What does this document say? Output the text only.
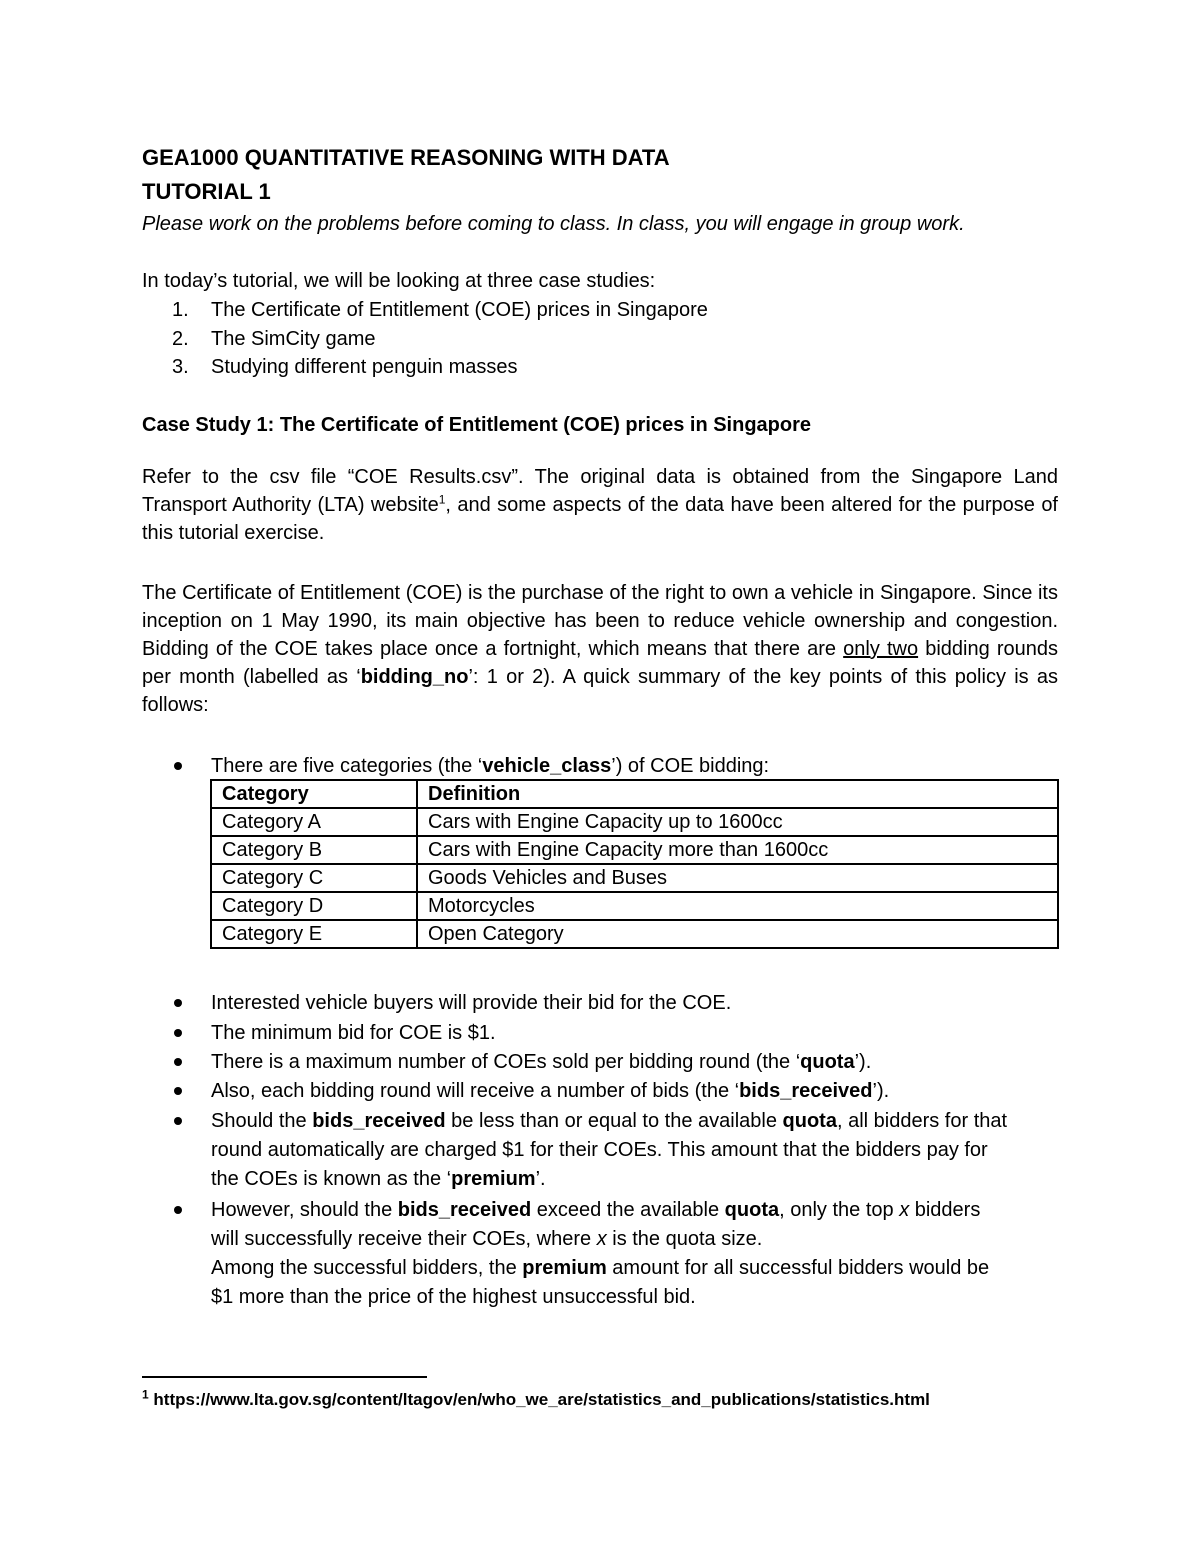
GEA1000 QUANTITATIVE REASONING WITH DATA
TUTORIAL 1
Please work on the problems before coming to class. In class, you will engage in group work.
In today’s tutorial, we will be looking at three case studies:
1. The Certificate of Entitlement (COE) prices in Singapore
2. The SimCity game
3. Studying different penguin masses
Case Study 1: The Certificate of Entitlement (COE) prices in Singapore
Refer to the csv file “COE Results.csv”. The original data is obtained from the Singapore Land Transport Authority (LTA) website$^1$, and some aspects of the data have been altered for the purpose of this tutorial exercise.
The Certificate of Entitlement (COE) is the purchase of the right to own a vehicle in Singapore. Since its inception on 1 May 1990, its main objective has been to reduce vehicle ownership and congestion. Bidding of the COE takes place once a fortnight, which means that there are only two bidding rounds per month (labelled as ‘bidding_no’: 1 or 2). A quick summary of the key points of this policy is as follows:
There are five categories (the ‘vehicle_class’) of COE bidding:
Category	Definition
Category A	Cars with Engine Capacity up to 1600cc
Category B	Cars with Engine Capacity more than 1600cc
Category C	Goods Vehicles and Buses
Category D	Motorcycles
Category E	Open Category
Interested vehicle buyers will provide their bid for the COE.
The minimum bid for COE is $1.
There is a maximum number of COEs sold per bidding round (the ‘quota’).
Also, each bidding round will receive a number of bids (the ‘bids_received’).
Should the bids_received be less than or equal to the available quota, all bidders for that
round automatically are charged $1 for their COEs. This amount that the bidders pay for
the COEs is known as the ‘premium’.
However, should the bids_received exceed the available quota, only the top x bidders
will successfully receive their COEs, where x is the quota size.
Among the successful bidders, the premium amount for all successful bidders would be
$1 more than the price of the highest unsuccessful bid.
$^1$ https://www.lta.gov.sg/content/ltagov/en/who_we_are/statistics_and_publications/statistics.html
